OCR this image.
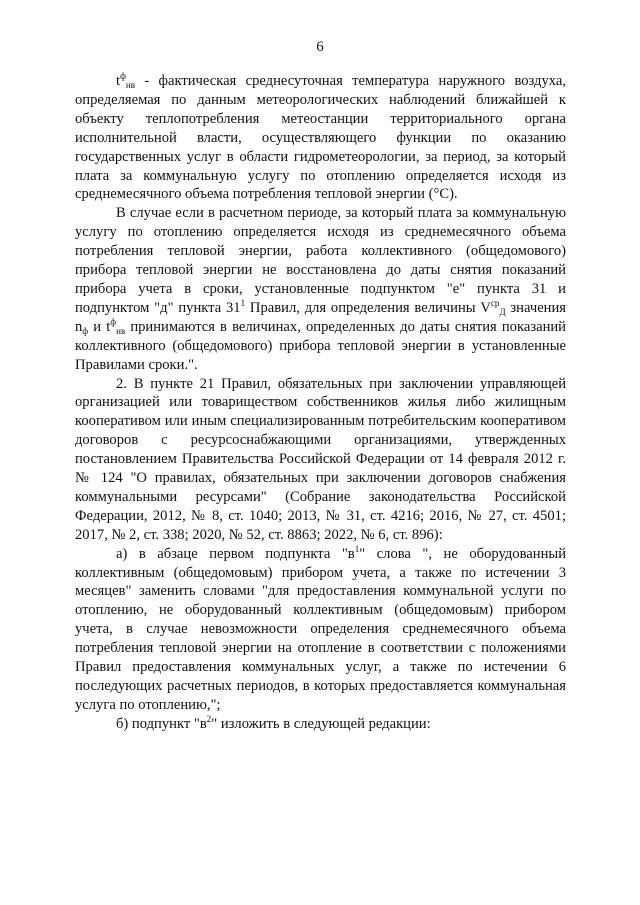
6

$t^ф_{нв}$ - фактическая среднесуточная температура наружного воздуха, определяемая по данным метеорологических наблюдений ближайшей к объекту теплопотребления метеостанции территориального органа исполнительной власти, осуществляющего функции по оказанию государственных услуг в области гидрометеорологии, за период, за который плата за коммунальную услугу по отоплению определяется исходя из среднемесячного объема потребления тепловой энергии (°С).

В случае если в расчетном периоде, за который плата за коммунальную услугу по отоплению определяется исходя из среднемесячного объема потребления тепловой энергии, работа коллективного (общедомового) прибора тепловой энергии не восстановлена до даты снятия показаний прибора учета в сроки, установленные подпунктом "е" пункта 31 и подпунктом "д" пункта $31^1$ Правил, для определения величины $V^{ср}_Д$ значения $n_ф$ и $t^ф_{нв}$ принимаются в величинах, определенных до даты снятия показаний коллективного (общедомового) прибора тепловой энергии в установленные Правилами сроки.".

2. В пункте 21 Правил, обязательных при заключении управляющей организацией или товариществом собственников жилья либо жилищным кооперативом или иным специализированным потребительским кооперативом договоров с ресурсоснабжающими организациями, утвержденных постановлением Правительства Российской Федерации от 14 февраля 2012 г. № 124 "О правилах, обязательных при заключении договоров снабжения коммунальными ресурсами" (Собрание законодательства Российской Федерации, 2012, № 8, ст. 1040; 2013, № 31, ст. 4216; 2016, № 27, ст. 4501; 2017, № 2, ст. 338; 2020, № 52, ст. 8863; 2022, № 6, ст. 896):

а) в абзаце первом подпункта "$в^1$" слова ", не оборудованный коллективным (общедомовым) прибором учета, а также по истечении 3 месяцев" заменить словами "для предоставления коммунальной услуги по отоплению, не оборудованный коллективным (общедомовым) прибором учета, в случае невозможности определения среднемесячного объема потребления тепловой энергии на отопление в соответствии с положениями Правил предоставления коммунальных услуг, а также по истечении 6 последующих расчетных периодов, в которых предоставляется коммунальная услуга по отоплению,";

б) подпункт "$в^2$" изложить в следующей редакции:
